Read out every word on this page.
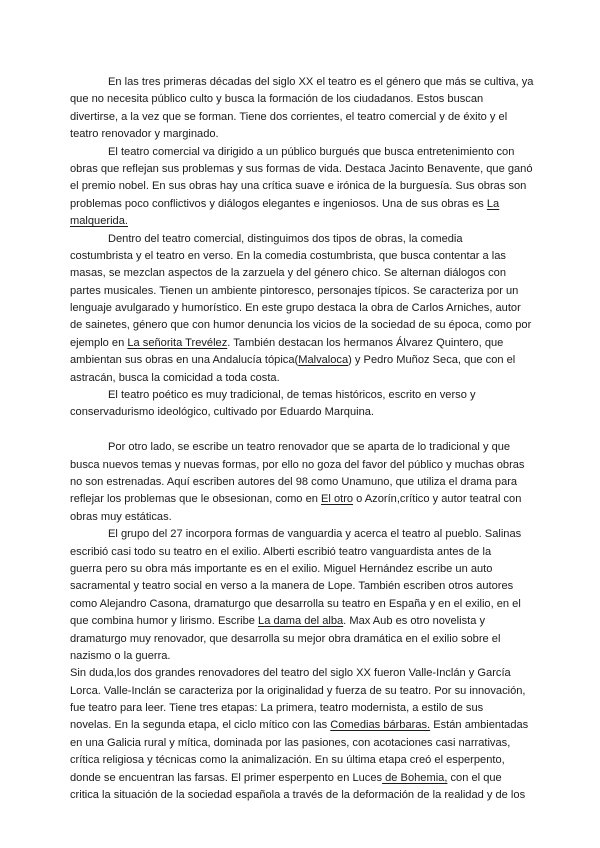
En las tres primeras décadas del siglo XX el teatro es el género que más se cultiva, ya
que no necesita público culto y busca la formación de los ciudadanos. Estos buscan
divertirse, a la vez que se forman. Tiene dos corrientes, el teatro comercial y de éxito y el
teatro renovador y marginado.
El teatro comercial va dirigido a un público burgués que busca entretenimiento con
obras que reflejan sus problemas y sus formas de vida. Destaca Jacinto Benavente, que ganó
el premio nobel. En sus obras hay una crítica suave e irónica de la burguesía. Sus obras son
problemas poco conflictivos y diálogos elegantes e ingeniosos. Una de sus obras es La
malquerida.
Dentro del teatro comercial, distinguimos dos tipos de obras, la comedia
costumbrista y el teatro en verso. En la comedia costumbrista, que busca contentar a las
masas, se mezclan aspectos de la zarzuela y del género chico. Se alternan diálogos con
partes musicales. Tienen un ambiente pintoresco, personajes típicos. Se caracteriza por un
lenguaje avulgarado y humorístico. En este grupo destaca la obra de Carlos Arniches, autor
de sainetes, género que con humor denuncia los vicios de la sociedad de su época, como por
ejemplo en La señorita Trevélez. También destacan los hermanos Álvarez Quintero, que
ambientan sus obras en una Andalucía tópica(Malvaloca) y Pedro Muñoz Seca, que con el
astracán, busca la comicidad a toda costa.
El teatro poético es muy tradicional, de temas históricos, escrito en verso y
conservadurismo ideológico, cultivado por Eduardo Marquina.
Por otro lado, se escribe un teatro renovador que se aparta de lo tradicional y que
busca nuevos temas y nuevas formas, por ello no goza del favor del público y muchas obras
no son estrenadas. Aquí escriben autores del 98 como Unamuno, que utiliza el drama para
reflejar los problemas que le obsesionan, como en El otro o Azorín,crítico y autor teatral con
obras muy estáticas.
El grupo del 27 incorpora formas de vanguardia y acerca el teatro al pueblo. Salinas
escribió casi todo su teatro en el exilio. Alberti escribió teatro vanguardista antes de la
guerra pero su obra más importante es en el exilio. Miguel Hernández escribe un auto
sacramental y teatro social en verso a la manera de Lope. También escriben otros autores
como Alejandro Casona, dramaturgo que desarrolla su teatro en España y en el exilio, en el
que combina humor y lirismo. Escribe La dama del alba. Max Aub es otro novelista y
dramaturgo muy renovador, que desarrolla su mejor obra dramática en el exilio sobre el
nazismo o la guerra.
Sin duda,los dos grandes renovadores del teatro del siglo XX fueron Valle-Inclán y García
Lorca. Valle-Inclán se caracteriza por la originalidad y fuerza de su teatro. Por su innovación,
fue teatro para leer. Tiene tres etapas: La primera, teatro modernista, a estilo de sus
novelas. En la segunda etapa, el ciclo mítico con las Comedias bárbaras. Están ambientadas
en una Galicia rural y mítica, dominada por las pasiones, con acotaciones casi narrativas,
crítica religiosa y técnicas como la animalización. En su última etapa creó el esperpento,
donde se encuentran las farsas. El primer esperpento en Luces de Bohemia, con el que
critica la situación de la sociedad española a través de la deformación de la realidad y de los
